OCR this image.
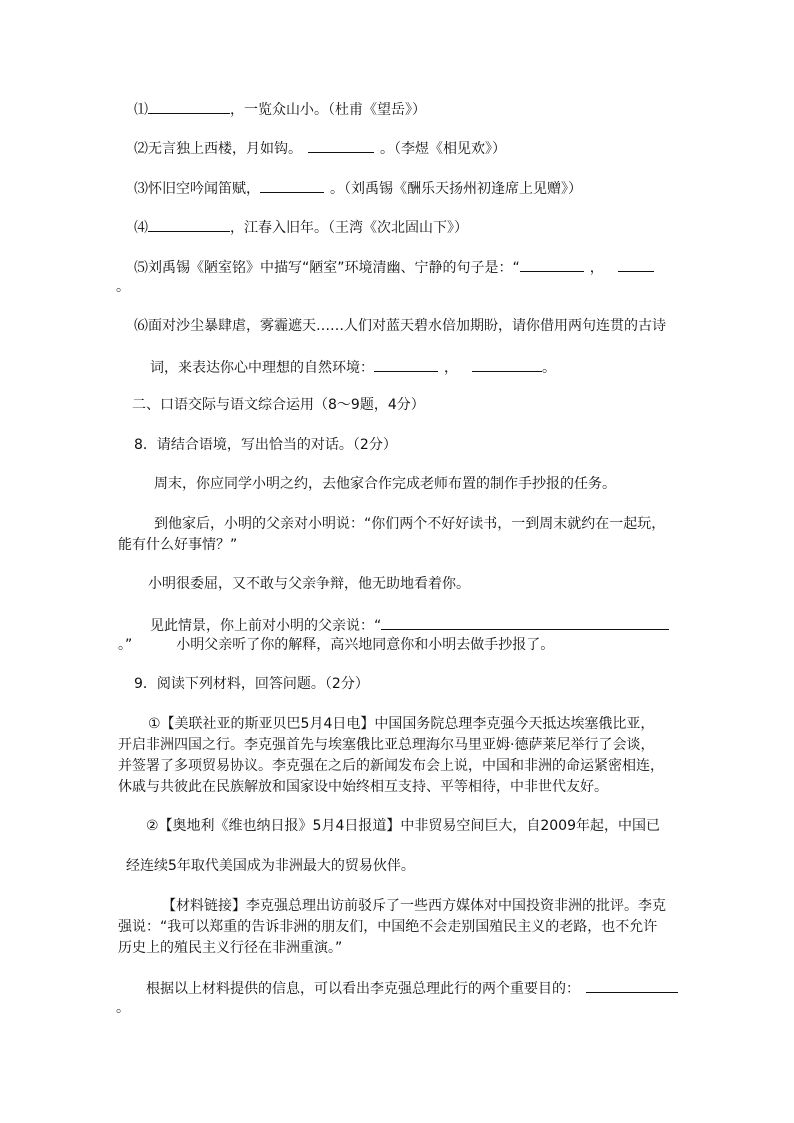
⑴	，一览众山小。（杜甫《望岳》）
⑵无言独上西楼，月如钩。	。（李煜《相见欢》）
⑶怀旧空吟闻笛赋，	。（刘禹锡《酬乐天扬州初逢席上见赠》）
⑷	，江春入旧年。（王湾《次北固山下》）
⑸刘禹锡《陋室铭》中描写“陋室”环境清幽、宁静的句子是：“	，
。
⑹面对沙尘暴肆虐，雾霾遮天……人们对蓝天碧水倍加期盼，请你借用两句连贯的古诗
词，来表达你心中理想的自然环境：	，	。
二、口语交际与语文综合运用（8～9题，4分）
8．请结合语境，写出恰当的对话。（2分）
周末，你应同学小明之约，去他家合作完成老师布置的制作手抄报的任务。
到他家后，小明的父亲对小明说：“你们两个不好好读书，一到周末就约在一起玩，
能有什么好事情？”
小明很委屈，又不敢与父亲争辩，他无助地看着你。
见此情景，你上前对小明的父亲说：“
。”	小明父亲听了你的解释，高兴地同意你和小明去做手抄报了。
9．阅读下列材料，回答问题。（2分）
①【美联社亚的斯亚贝巴5月4日电】中国国务院总理李克强今天抵达埃塞俄比亚，
开启非洲四国之行。李克强首先与埃塞俄比亚总理海尔马里亚姆·德萨莱尼举行了会谈，
并签署了多项贸易协议。李克强在之后的新闻发布会上说，中国和非洲的命运紧密相连，
休戚与共彼此在民族解放和国家设中始终相互支持、平等相待，中非世代友好。
②【奥地利《维也纳日报》5月4日报道】中非贸易空间巨大，自2009年起，中国已
经连续5年取代美国成为非洲最大的贸易伙伴。
【材料链接】李克强总理出访前驳斥了一些西方媒体对中国投资非洲的批评。李克
强说：“我可以郑重的告诉非洲的朋友们，中国绝不会走别国殖民主义的老路，也不允许
历史上的殖民主义行径在非洲重演。”
根据以上材料提供的信息，可以看出李克强总理此行的两个重要目的：
。
